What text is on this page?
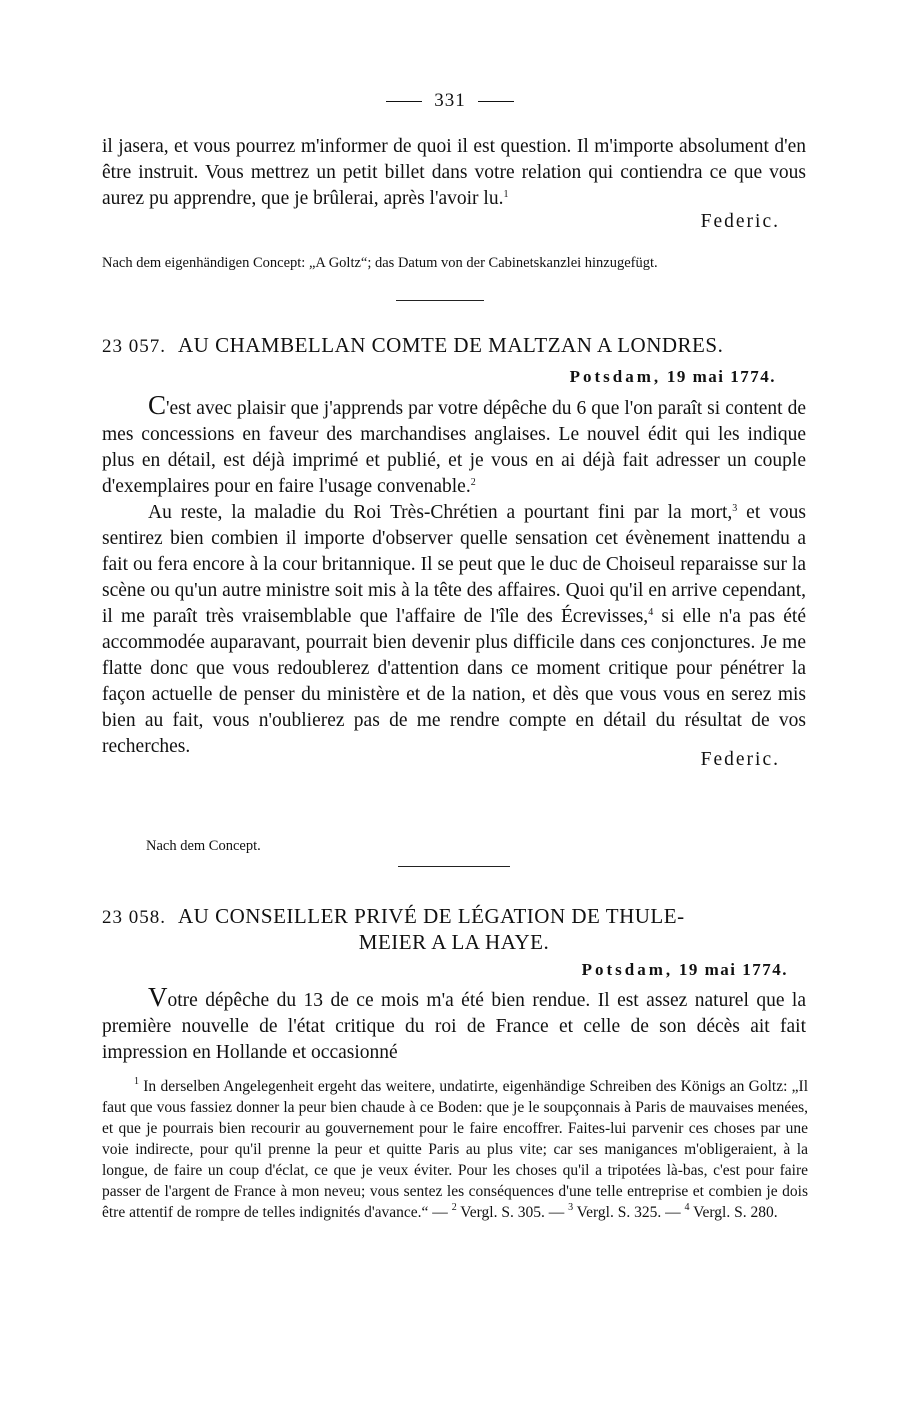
331
il jasera, et vous pourrez m'informer de quoi il est question. Il m'importe absolument d'en être instruit. Vous mettrez un petit billet dans votre relation qui contiendra ce que vous aurez pu apprendre, que je brûlerai, après l'avoir lu.$^1$
Federic.
Nach dem eigenhändigen Concept: „A Goltz“; das Datum von der Cabinetskanzlei hinzugefügt.
23 057. AU CHAMBELLAN COMTE DE MALTZAN A LONDRES.
Potsdam, 19 mai 1774.
C'est avec plaisir que j'apprends par votre dépêche du 6 que l'on paraît si content de mes concessions en faveur des marchandises anglaises. Le nouvel édit qui les indique plus en détail, est déjà imprimé et publié, et je vous en ai déjà fait adresser un couple d'exemplaires pour en faire l'usage convenable.$^2$
Au reste, la maladie du Roi Très-Chrétien a pourtant fini par la mort,$^3$ et vous sentirez bien combien il importe d'observer quelle sensation cet évènement inattendu a fait ou fera encore à la cour britannique. Il se peut que le duc de Choiseul reparaisse sur la scène ou qu'un autre ministre soit mis à la tête des affaires. Quoi qu'il en arrive cependant, il me paraît très vraisemblable que l'affaire de l'île des Écrevisses,$^4$ si elle n'a pas été accommodée auparavant, pourrait bien devenir plus difficile dans ces conjonctures. Je me flatte donc que vous redoublerez d'attention dans ce moment critique pour pénétrer la façon actuelle de penser du ministère et de la nation, et dès que vous vous en serez mis bien au fait, vous n'oublierez pas de me rendre compte en détail du résultat de vos recherches.
Federic.
Nach dem Concept.
23 058. AU CONSEILLER PRIVÉ DE LÉGATION DE THULE-
MEIER A LA HAYE.
Potsdam, 19 mai 1774.
Votre dépêche du 13 de ce mois m'a été bien rendue. Il est assez naturel que la première nouvelle de l'état critique du roi de France et celle de son décès ait fait impression en Hollande et occasionné
$^1$ In derselben Angelegenheit ergeht das weitere, undatirte, eigenhändige Schreiben des Königs an Goltz: „Il faut que vous fassiez donner la peur bien chaude à ce Boden: que je le soupçonnais à Paris de mauvaises menées, et que je pourrais bien recourir au gouvernement pour le faire encoffrer. Faites-lui parvenir ces choses par une voie indirecte, pour qu'il prenne la peur et quitte Paris au plus vite; car ses manigances m'obligeraient, à la longue, de faire un coup d'éclat, ce que je veux éviter. Pour les choses qu'il a tripotées là-bas, c'est pour faire passer de l'argent de France à mon neveu; vous sentez les conséquences d'une telle entreprise et combien je dois être attentif de rompre de telles indignités d'avance.“ — $^2$ Vergl. S. 305. — $^3$ Vergl. S. 325. — $^4$ Vergl. S. 280.
